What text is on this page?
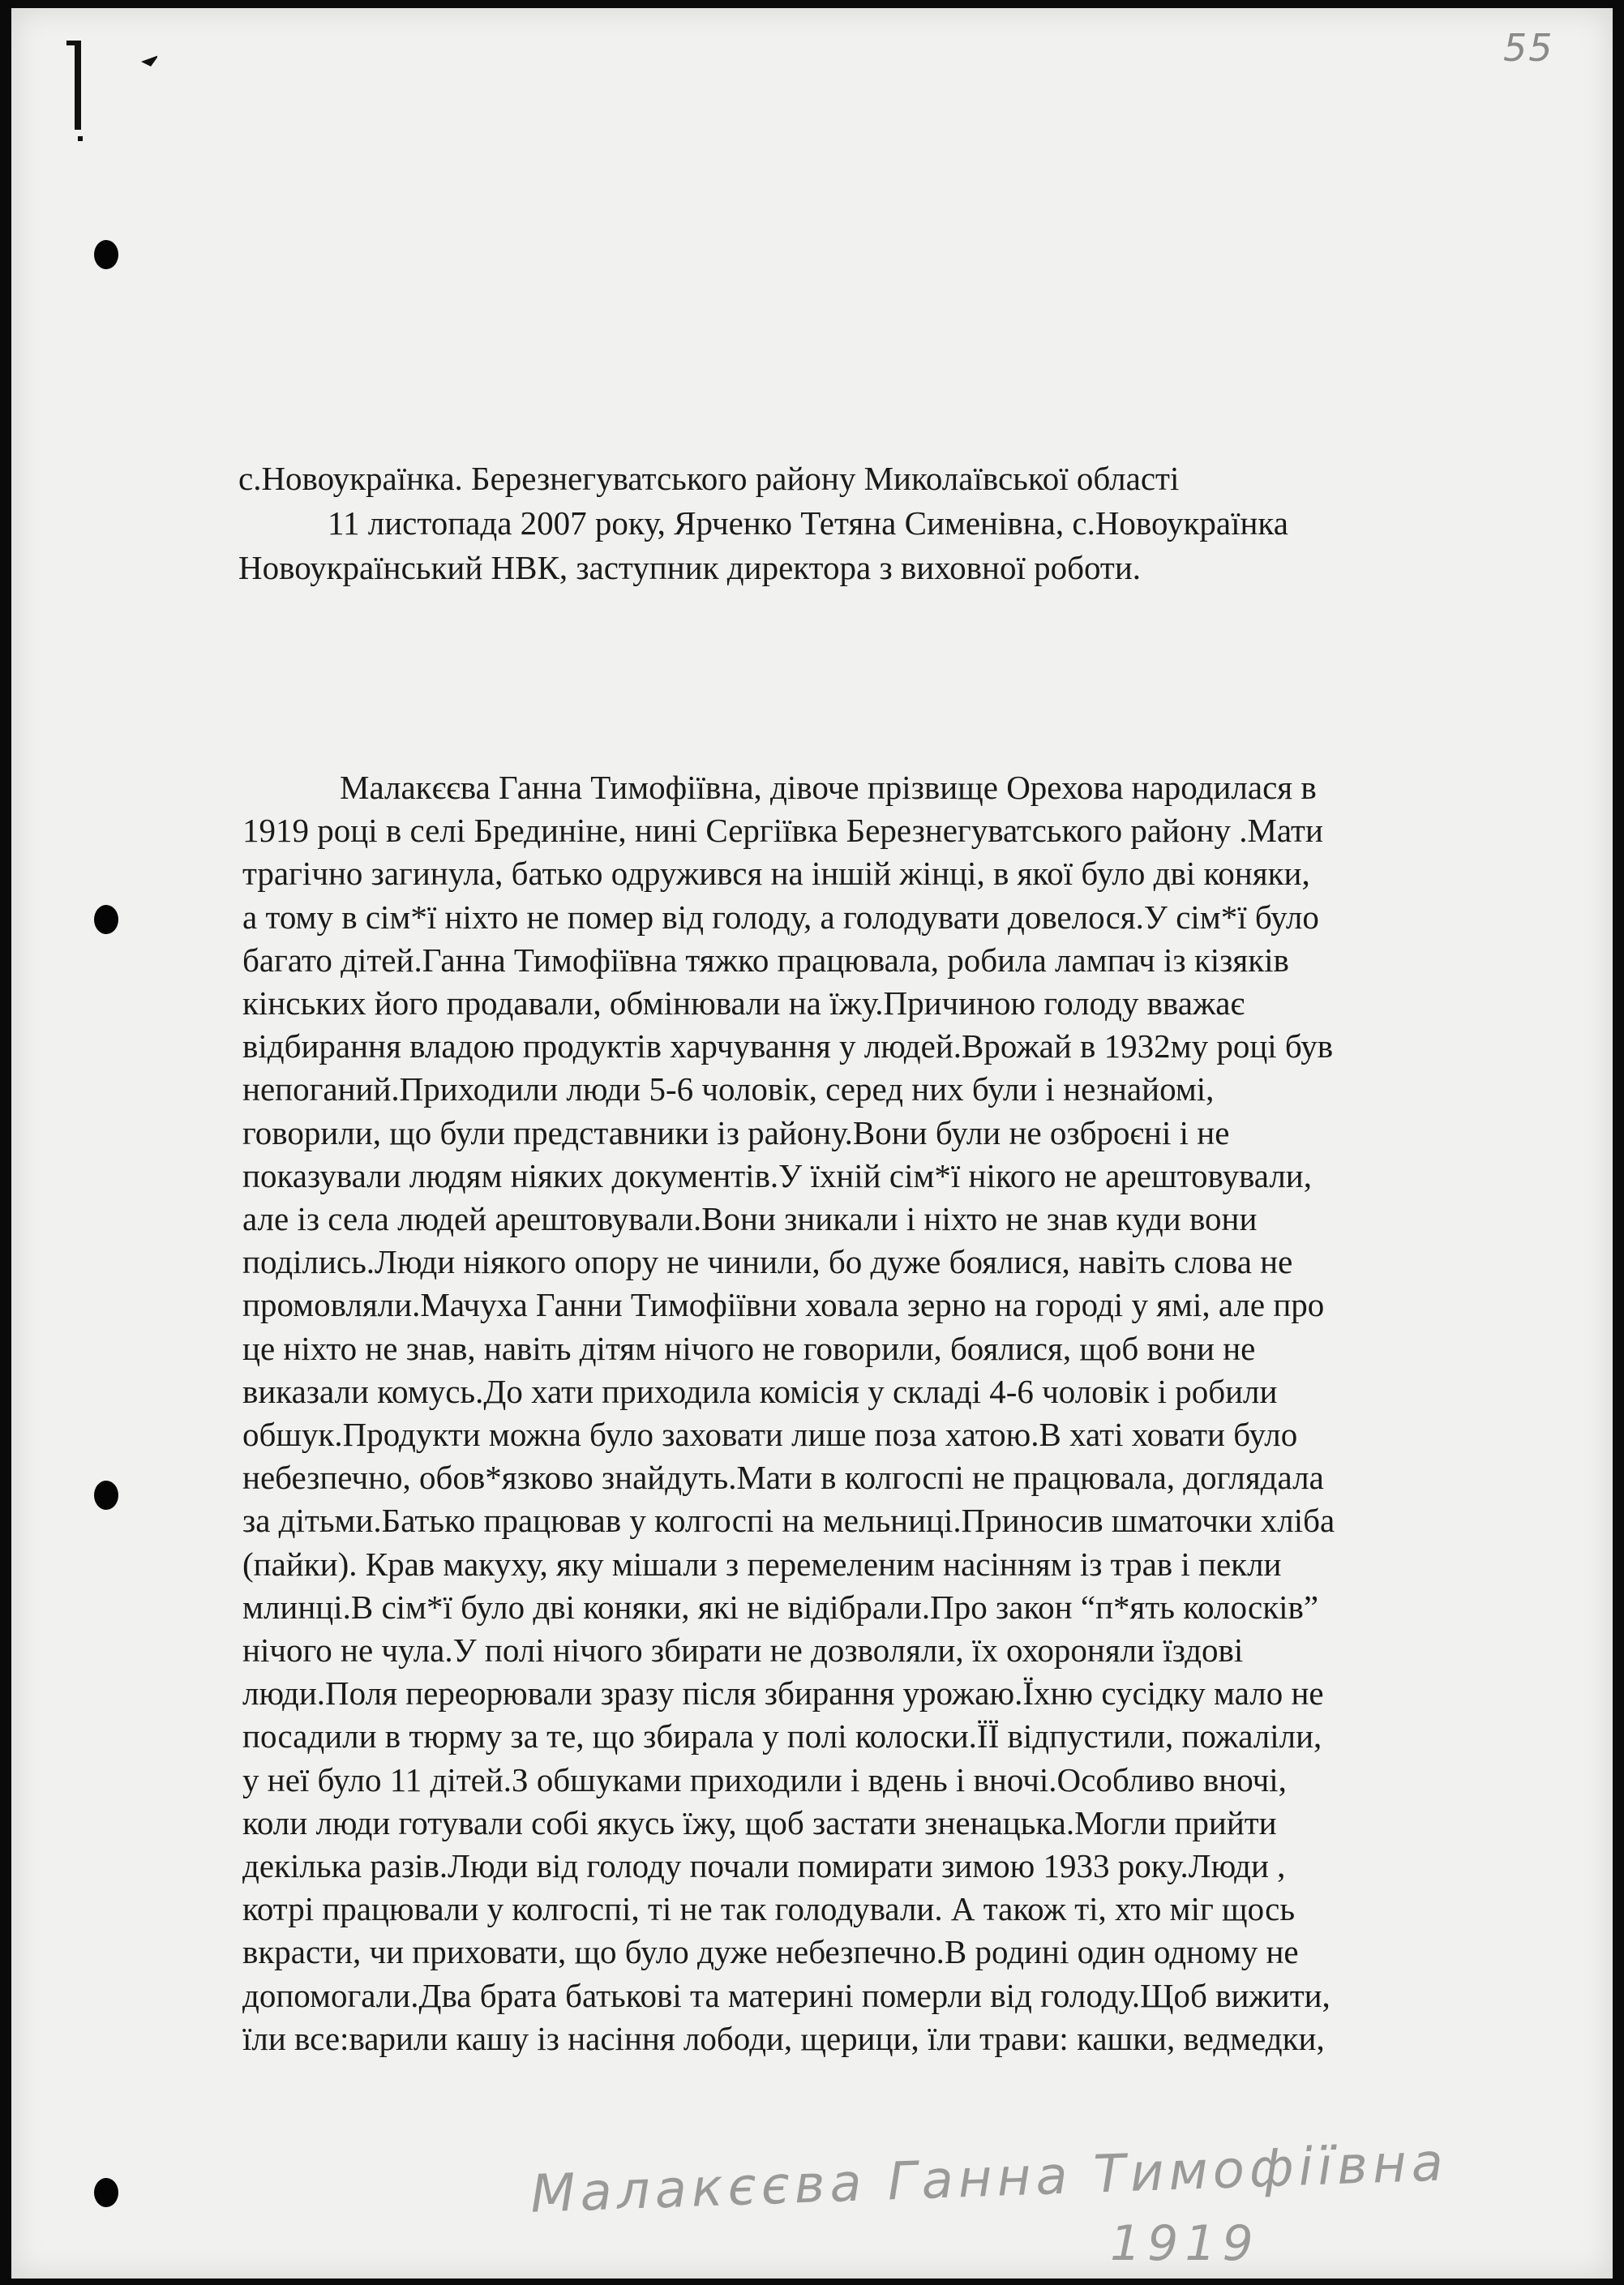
55
с.Новоукраїнка. Березнегуватського району Миколаївської області
11 листопада 2007 року, Ярченко Тетяна Сименівна, с.Новоукраїнка
Новоукраїнський НВК, заступник директора з виховної роботи.
Малакєєва Ганна Тимофіївна, дівоче прізвище Орехова народилася в
1919 році в селі Брединіне, нині Сергіївка Березнегуватського району .Мати
трагічно загинула, батько одружився на іншій жінці, в якої було дві коняки,
а тому в сім*ї ніхто не помер від голоду, а голодувати довелося.У сім*ї було
багато дітей.Ганна Тимофіївна тяжко працювала, робила лампач із кізяків
кінських його продавали, обмінювали на їжу.Причиною голоду вважає
відбирання владою продуктів харчування у людей.Врожай в 1932му році був
непоганий.Приходили люди 5-6 чоловік, серед них були і незнайомі,
говорили, що були представники із району.Вони були не озброєні і не
показували людям ніяких документів.У їхній сім*ї нікого не арештовували,
але із села людей арештовували.Вони зникали і ніхто не знав куди вони
поділись.Люди ніякого опору не чинили, бо дуже боялися, навіть слова не
промовляли.Мачуха Ганни Тимофіївни ховала зерно на городі у ямі, але про
це ніхто не знав, навіть дітям нічого не говорили, боялися, щоб вони не
виказали комусь.До хати приходила комісія у складі 4-6 чоловік і робили
обшук.Продукти можна було заховати лише поза хатою.В хаті ховати було
небезпечно, обов*язково знайдуть.Мати в колгоспі не працювала, доглядала
за дітьми.Батько працював у колгоспі на мельниці.Приносив шматочки хліба
(пайки). Крав макуху, яку мішали з перемеленим насінням із трав і пекли
млинці.В сім*ї було дві коняки, які не відібрали.Про закон “п*ять колосків”
нічого не чула.У полі нічого збирати не дозволяли, їх охороняли їздові
люди.Поля переорювали зразу після збирання урожаю.Їхню сусідку мало не
посадили в тюрму за те, що збирала у полі колоски.ЇЇ відпустили, пожаліли,
у неї було 11 дітей.З обшуками приходили і вдень і вночі.Особливо вночі,
коли люди готували собі якусь їжу, щоб застати зненацька.Могли прийти
декілька разів.Люди від голоду почали помирати зимою 1933 року.Люди ,
котрі працювали у колгоспі, ті не так голодували. А також ті, хто міг щось
вкрасти, чи приховати, що було дуже небезпечно.В родині один одному не
допомогали.Два брата батькові та материні померли від голоду.Щоб вижити,
їли все:варили кашу із насіння лободи, щерици, їли трави: кашки, ведмедки,
Малакєєва Ганна Тимофіївна
1919
